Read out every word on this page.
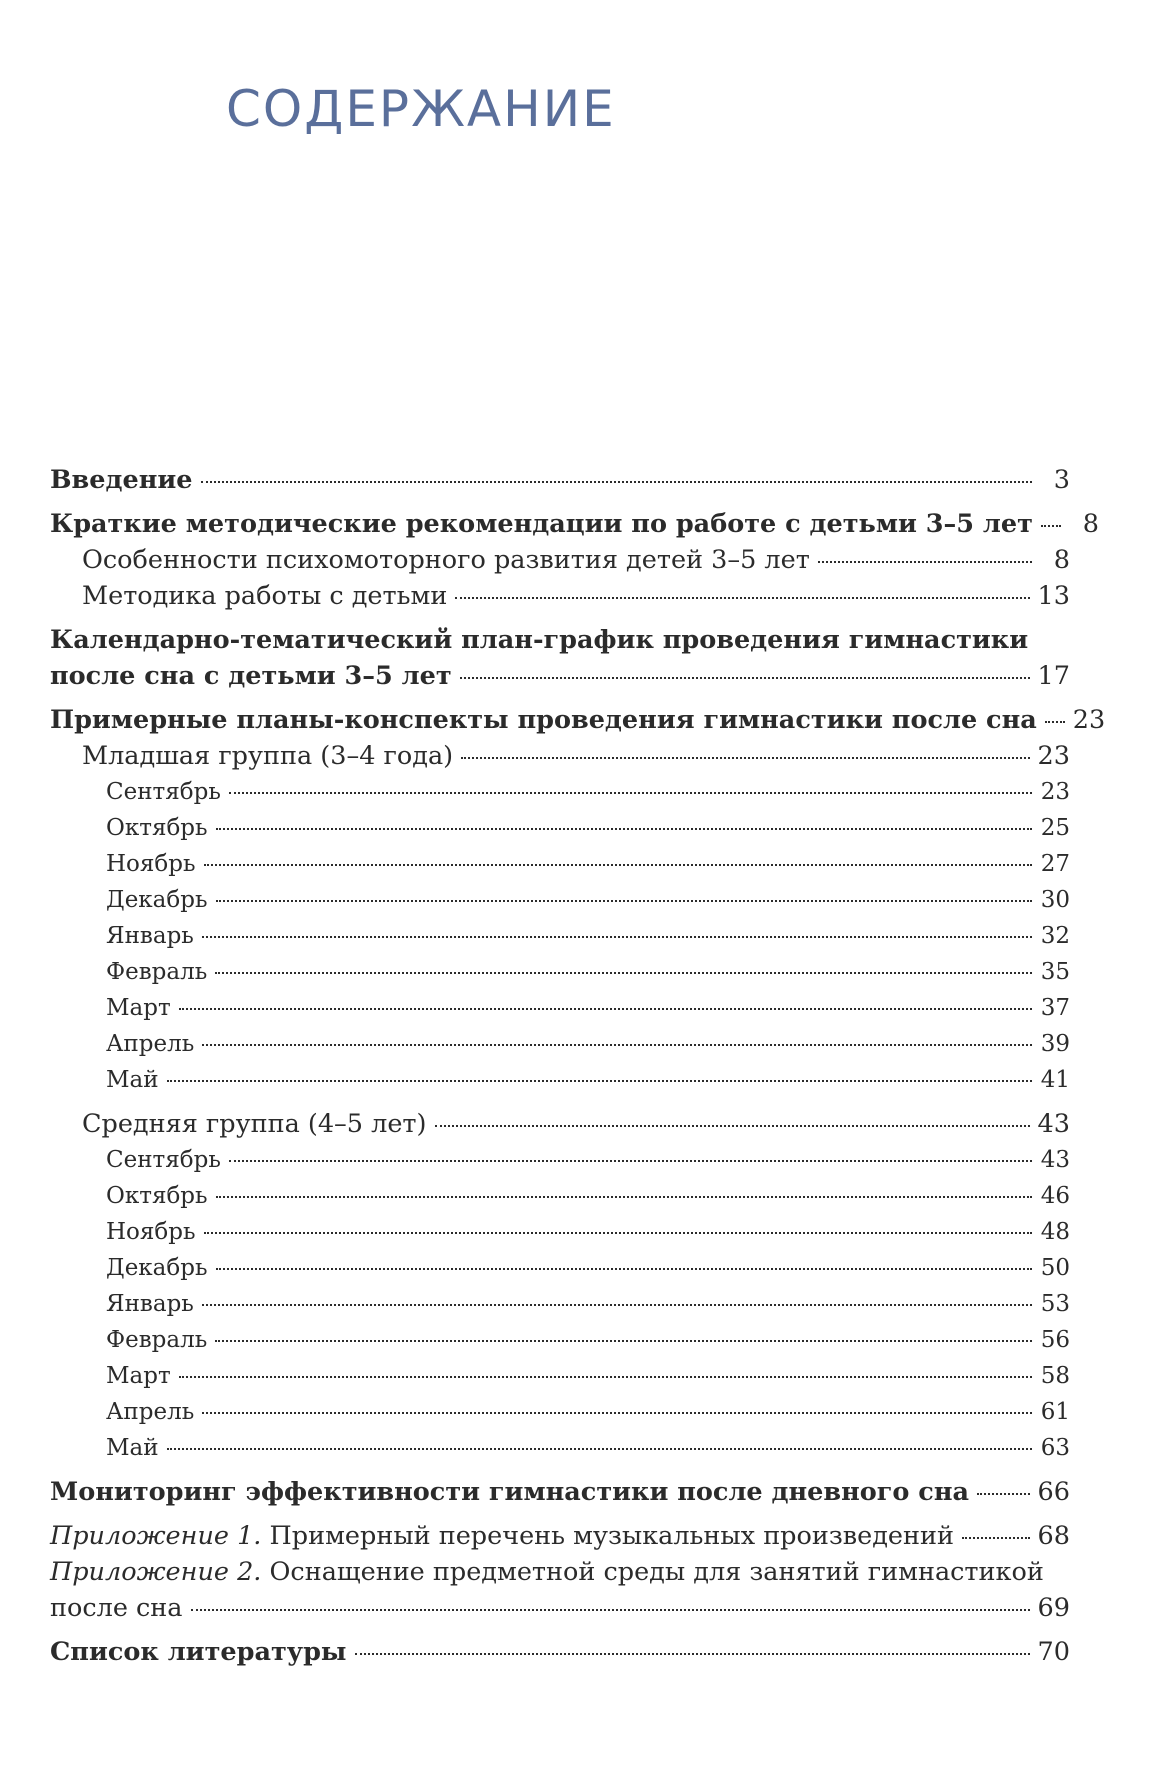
СОДЕРЖАНИЕ
Введение	3
Краткие методические рекомендации по работе с детьми 3–5 лет	8
Особенности психомоторного развития детей 3–5 лет	8
Методика работы с детьми	13
Календарно-тематический план-график проведения гимнастики
после сна с детьми 3–5 лет	17
Примерные планы-конспекты проведения гимнастики после сна 23
Младшая группа (3–4 года)	23
Сентябрь	23
Октябрь	25
Ноябрь	27
Декабрь	30
Январь	32
Февраль	35
Март	37
Апрель	39
Май	41
Средняя группа (4–5 лет)	43
Сентябрь	43
Октябрь	46
Ноябрь	48
Декабрь	50
Январь	53
Февраль	56
Март	58
Апрель	61
Май	63
Мониторинг эффективности гимнастики после дневного сна	66
Приложение 1. Примерный перечень музыкальных произведений	68
Приложение 2. Оснащение предметной среды для занятий гимнастикой
после сна	69
Список литературы	70
